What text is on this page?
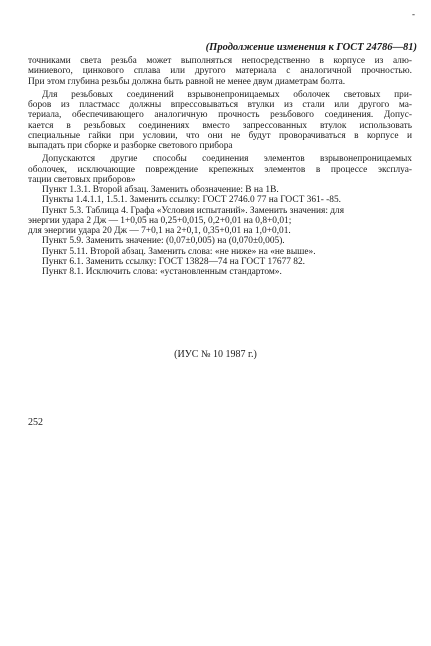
-
(Продолжение изменения к ГОСТ 24786—81)
точниками света резьба может выполняться непосредственно в корпусе из алю-
миниевого, цинкового сплава или другого материала с аналогичной прочностью.
При этом глубина резьбы должна быть равной не менее двум диаметрам болта.
Для резьбовых соединений взрывонепроницаемых оболочек световых при-
боров из пластмасс должны впрессовываться втулки из стали или другого ма-
териала, обеспечивающего аналогичную прочность резьбового соединения. Допус-
кается в резьбовых соединениях вместо запрессованных втулок использовать
специальные гайки при условии, что они не будут проворачиваться в корпусе и
выпадать при сборке и разборке светового прибора
Допускаются другие способы соединения элементов взрывонепроницаемых
оболочек, исключающие повреждение крепежных элементов в процессе эксплуа-
тации световых приборов»
Пункт 1.3.1. Второй абзац. Заменить обозначение: В на 1В.
Пункты 1.4.1.1, 1.5.1. Заменить ссылку: ГОСТ 2746.0 77 на ГОСТ 361- -85.
Пункт 5.3. Таблица 4. Графа «Условия испытаний». Заменить значения: для
энергии удара 2 Дж — 1+0,05 на 0,25+0,015, 0,2+0,01 на 0,8+0,01;
для энергии удара 20 Дж — 7+0,1 на 2+0,1, 0,35+0,01 на 1,0+0,01.
Пункт 5.9. Заменить значение: (0,07±0,005) на (0,070±0,005).
Пункт 5.11. Второй абзац. Заменить слова: «не ниже» на «не выше».
Пункт 6.1. Заменить ссылку: ГОСТ 13828—74 на ГОСТ 17677 82.
Пункт 8.1. Исключить слова: «установленным стандартом».
(ИУС № 10 1987 г.)
252
